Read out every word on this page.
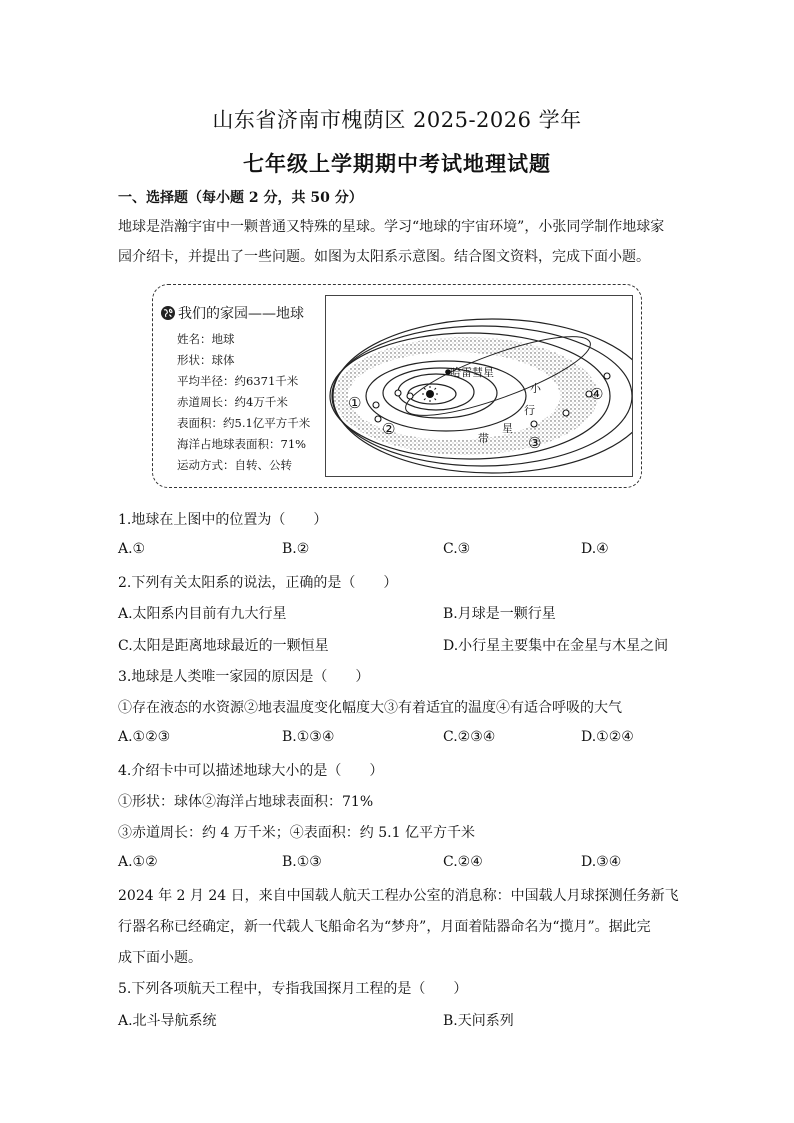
山东省济南市槐荫区 2025-2026 学年
七年级上学期期中考试地理试题
一、选择题（每小题 2 分，共 50 分）
地球是浩瀚宇宙中一颗普通又特殊的星球。学习“地球的宇宙环境”，小张同学制作地球家
园介绍卡，并提出了一些问题。如图为太阳系示意图。结合图文资料，完成下面小题。
我们的家园——地球
姓名：地球
形状：球体
平均半径：约6371千米
赤道周长：约4万千米
表面积：约5.1亿平方千米
海洋占地球表面积：71%
运动方式：自转、公转
①
②
③
④
哈雷彗星
小
行
星
带
1.地球在上图中的位置为（　　）
A.①	B.②	C.③	D.④
2.下列有关太阳系的说法，正确的是（　　）
A.太阳系内目前有九大行星	B.月球是一颗行星
C.太阳是距离地球最近的一颗恒星	D.小行星主要集中在金星与木星之间
3.地球是人类唯一家园的原因是（　　）
①存在液态的水资源②地表温度变化幅度大③有着适宜的温度④有适合呼吸的大气
A.①②③	B.①③④	C.②③④	D.①②④
4.介绍卡中可以描述地球大小的是（　　）
①形状：球体②海洋占地球表面积：71%
③赤道周长：约 4 万千米；④表面积：约 5.1 亿平方千米
A.①②	B.①③	C.②④	D.③④
2024 年 2 月 24 日，来自中国载人航天工程办公室的消息称：中国载人月球探测任务新飞
行器名称已经确定，新一代载人飞船命名为“梦舟”，月面着陆器命名为“揽月”。据此完
成下面小题。
5.下列各项航天工程中，专指我国探月工程的是（　　）
A.北斗导航系统	B.天问系列
